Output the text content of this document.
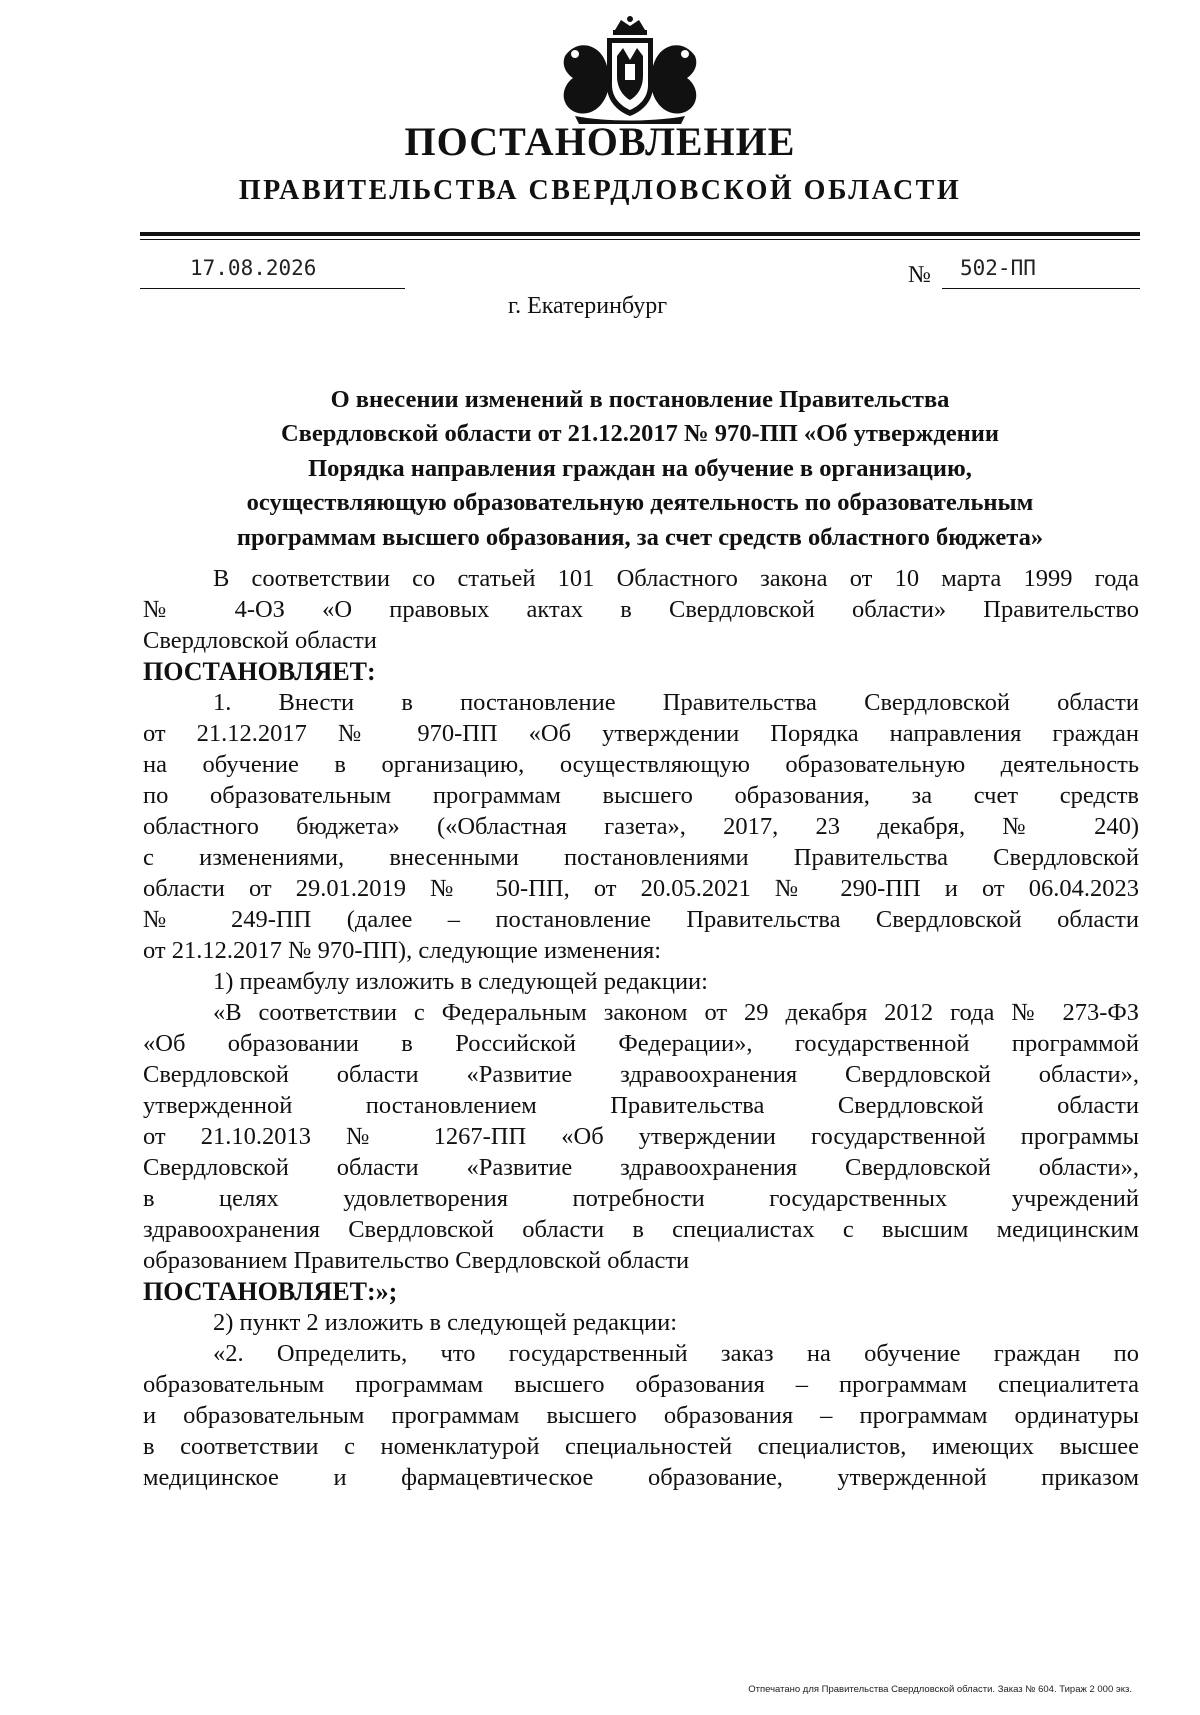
ПОСТАНОВЛЕНИЕ
ПРАВИТЕЛЬСТВА СВЕРДЛОВСКОЙ ОБЛАСТИ
17.08.2026	№ 502-ПП
г. Екатеринбург
О внесении изменений в постановление Правительства
Свердловской области от 21.12.2017 № 970-ПП «Об утверждении
Порядка направления граждан на обучение в организацию,
осуществляющую образовательную деятельность по образовательным
программам высшего образования, за счет средств областного бюджета»
В соответствии со статьей 101 Областного закона от 10 марта 1999 года
№ 4-ОЗ «О правовых актах в Свердловской области» Правительство
Свердловской области
ПОСТАНОВЛЯЕТ:
1. Внести в постановление Правительства Свердловской области
от 21.12.2017 № 970-ПП «Об утверждении Порядка направления граждан
на обучение в организацию, осуществляющую образовательную деятельность
по образовательным программам высшего образования, за счет средств
областного бюджета» («Областная газета», 2017, 23 декабря, № 240)
с изменениями, внесенными постановлениями Правительства Свердловской
области от 29.01.2019 № 50-ПП, от 20.05.2021 № 290-ПП и от 06.04.2023
№ 249-ПП (далее – постановление Правительства Свердловской области
от 21.12.2017 № 970-ПП), следующие изменения:
1) преамбулу изложить в следующей редакции:
«В соответствии с Федеральным законом от 29 декабря 2012 года № 273-ФЗ
«Об образовании в Российской Федерации», государственной программой
Свердловской области «Развитие здравоохранения Свердловской области»,
утвержденной постановлением Правительства Свердловской области
от 21.10.2013 № 1267-ПП «Об утверждении государственной программы
Свердловской области «Развитие здравоохранения Свердловской области»,
в целях удовлетворения потребности государственных учреждений
здравоохранения Свердловской области в специалистах с высшим медицинским
образованием Правительство Свердловской области
ПОСТАНОВЛЯЕТ:»;
2) пункт 2 изложить в следующей редакции:
«2. Определить, что государственный заказ на обучение граждан по
образовательным программам высшего образования – программам специалитета
и образовательным программам высшего образования – программам ординатуры
в соответствии с номенклатурой специальностей специалистов, имеющих высшее
медицинское и фармацевтическое образование, утвержденной приказом
Отпечатано для Правительства Свердловской области. Заказ № 604. Тираж 2 000 экз.
